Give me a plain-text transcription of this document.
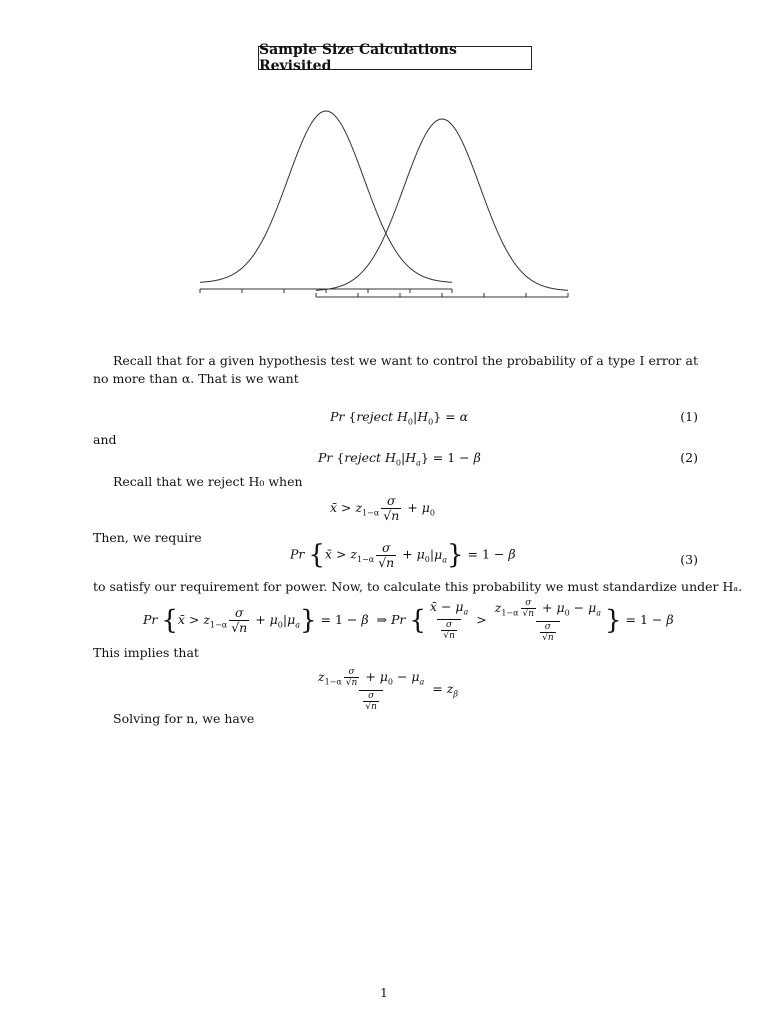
Sample Size Calculations Revisited
Recall that for a given hypothesis test we want to control the probability of a type I error at no more than α. That is we want
Pr {reject $H_0|H_0\} = \alpha$	(1)
and
Pr {reject $H_0|H_a\} = 1 - \beta$	(2)
Recall that we reject H₀ when
x̄ > $z_{1-\alpha} \frac{\sigma}{√n} + \mu_0$
Then, we require
Pr {x̄ > $z_{1-\alpha} \frac{\sigma}{√n} + \mu_0|\mu_a\} = 1 - \beta$	(3)
to satisfy our requirement for power. Now, to calculate this probability we must standardize under Hₐ.
Pr {x̄ > $z_{1-\alpha} \frac{\sigma}{√n} + \mu_0|\mu_a\} = 1 - \beta$  ⇒ Pr { $\frac{x̄ - \mu_a}{\frac{\sigma}{√n}} > \frac{z_{1-\alpha} \frac{\sigma}{√n} + \mu_0 - \mu_a}{\frac{\sigma}{√n}}$ } = 1 − β
This implies that
$\frac{z_{1-\alpha} \frac{\sigma}{√n} + \mu_0 - \mu_a}{\frac{\sigma}{√n}} = z_\beta$
Solving for n, we have
1
